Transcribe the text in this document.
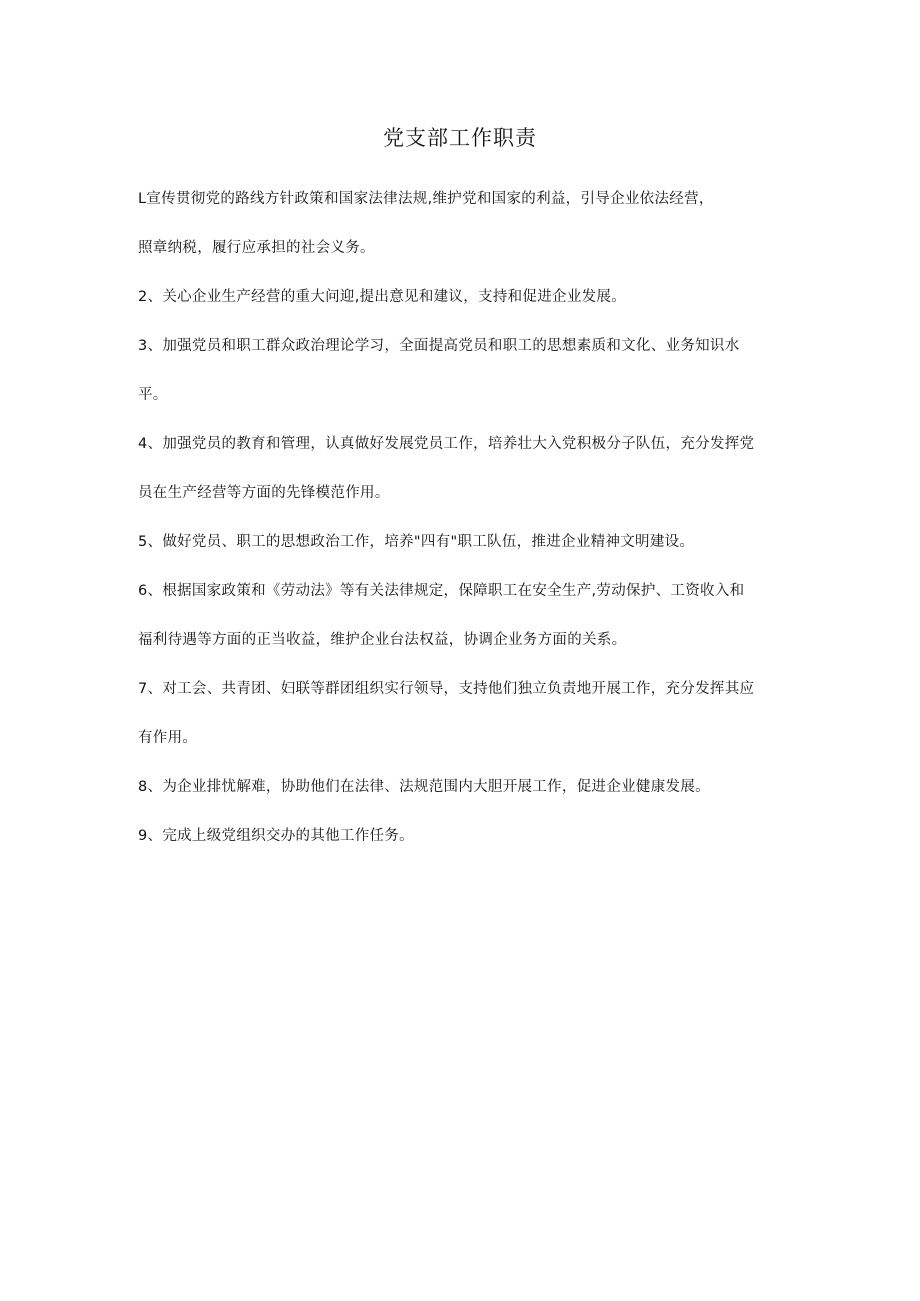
党支部工作职责
L宣传贯彻党的路线方针政策和国家法律法规,维护党和国家的利益，引导企业依法经营，
照章纳税，履行应承担的社会义务。
2、关心企业生产经营的重大问迎,提出意见和建议，支持和促进企业发展。
3、加强党员和职工群众政治理论学习，全面提高党员和职工的思想素质和文化、业务知识水
平。
4、加强党员的教育和管理，认真做好发展党员工作，培养壮大入党积极分子队伍，充分发挥党
员在生产经营等方面的先锋模范作用。
5、做好党员、职工的思想政治工作，培养"四有"职工队伍，推进企业精神文明建设。
6、根据国家政策和《劳动法》等有关法律规定，保障职工在安全生产,劳动保护、工资收入和
福利待遇等方面的正当收益，维护企业台法权益，协调企业务方面的关系。
7、对工会、共青团、妇联等群团组织实行领导，支持他们独立负责地开展工作，充分发挥其应
有作用。
8、为企业排忧解难，协助他们在法律、法规范围内大胆开展工作，促进企业健康发展。
9、完成上级党组织交办的其他工作任务。
